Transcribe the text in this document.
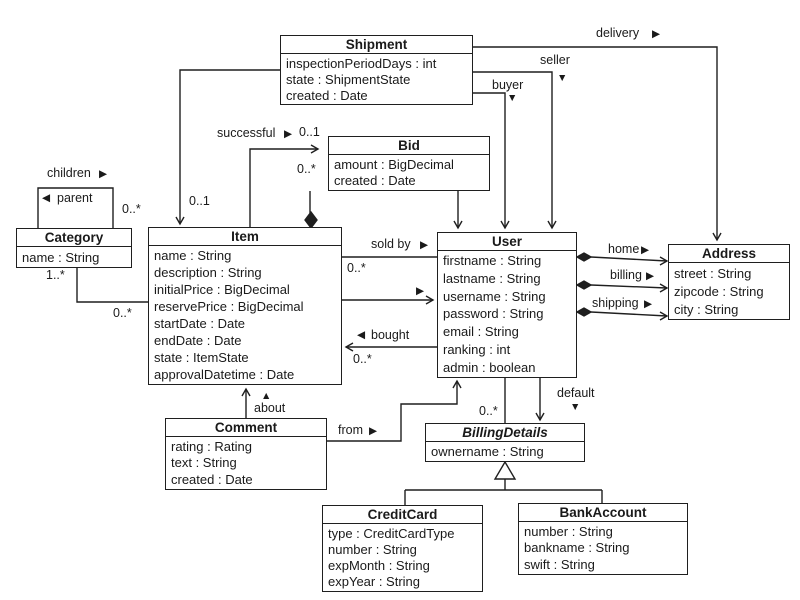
Shipment
inspectionPeriodDays : int
state : ShipmentState
created : Date
Bid
amount : BigDecimal
created : Date
Category
name : String
Item
name : String
description : String
initialPrice : BigDecimal
reservePrice : BigDecimal
startDate : Date
endDate : Date
state : ItemState
approvalDatetime : Date
User
firstname : String
lastname : String
username : String
password : String
email : String
ranking : int
admin : boolean
Address
street : String
zipcode : String
city : String
Comment
rating : Rating
text : String
created : Date
BillingDetails
ownername : String
CreditCard
type : CreditCardType
number : String
expMonth : String
expYear : String
BankAccount
number : String
bankname : String
swift : String
children ▶
◀ parent
successful ▶
buyer
▼
seller
▼
delivery ▶
sold by ▶
▶
◀ bought
home ▶
billing ▶
shipping ▶
default
▼
▲
about
from ▶
0..*
1..*
0..*
0..1
0..1
0..*
0..*
0..*
0..*
